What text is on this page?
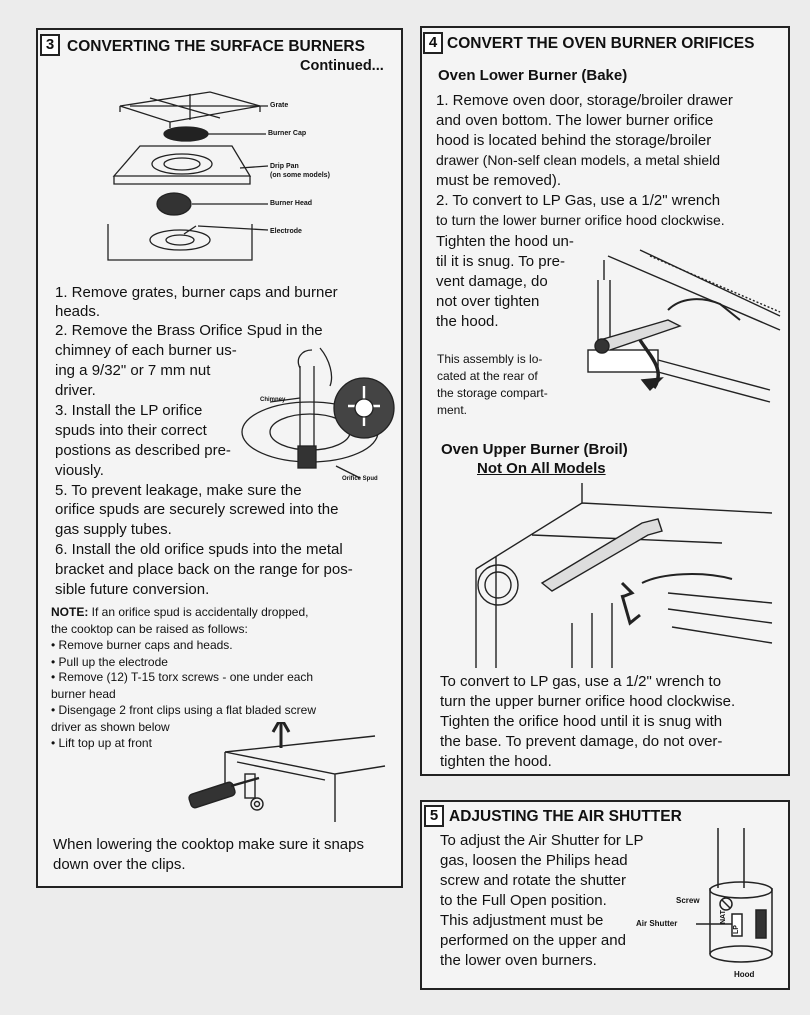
3 CONVERTING THE SURFACE BURNERS
Continued...
Grate
Burner Cap
Drip Pan
(on some models)
Burner Head
Electrode
1. Remove grates, burner caps and burner
heads.
2. Remove the Brass Orifice Spud in the
chimney of each burner us-
ing a 9/32" or 7 mm nut
driver.
3. Install the LP orifice
spuds into their correct
postions as described pre-
viously.
5. To prevent leakage, make sure the
orifice spuds are securely screwed into the
gas supply tubes.
6. Install the old orifice spuds into the metal
bracket and place back on the range for pos-
sible future conversion.
Chimney
Orifice Spud
NOTE: If an orifice spud is accidentally dropped,
the cooktop can be raised as follows:
• Remove burner caps and heads.
• Pull up the electrode
• Remove (12) T-15 torx screws - one under each
burner head
• Disengage 2 front clips using a flat bladed screw
driver as shown below
• Lift top up at front
When lowering the cooktop make sure it snaps
down over the clips.
4 CONVERT THE OVEN BURNER ORIFICES
Oven Lower Burner (Bake)
1. Remove oven door, storage/broiler drawer
and oven bottom. The lower burner orifice
hood is located behind the storage/broiler
drawer (Non-self clean models, a metal shield
must be removed).
2. To convert to LP Gas, use a 1/2" wrench
to turn the lower burner orifice hood clockwise.
Tighten the hood un-
til it is snug. To pre-
vent damage, do
not over tighten
the hood.
This assembly is lo-
cated at the rear of
the storage compart-
ment.
Oven Upper Burner (Broil)
Not On All Models
To convert to LP gas, use a 1/2" wrench to
turn the upper burner orifice hood clockwise.
Tighten the orifice hood until it is snug with
the base. To prevent damage, do not over-
tighten the hood.
5 ADJUSTING THE AIR SHUTTER
To adjust the Air Shutter for LP
gas, loosen the Philips head
screw and rotate the shutter
to the Full Open position.
This adjustment must be
performed on the upper and
the lower oven burners.
NAT.
LP
Screw
Air Shutter
Hood
